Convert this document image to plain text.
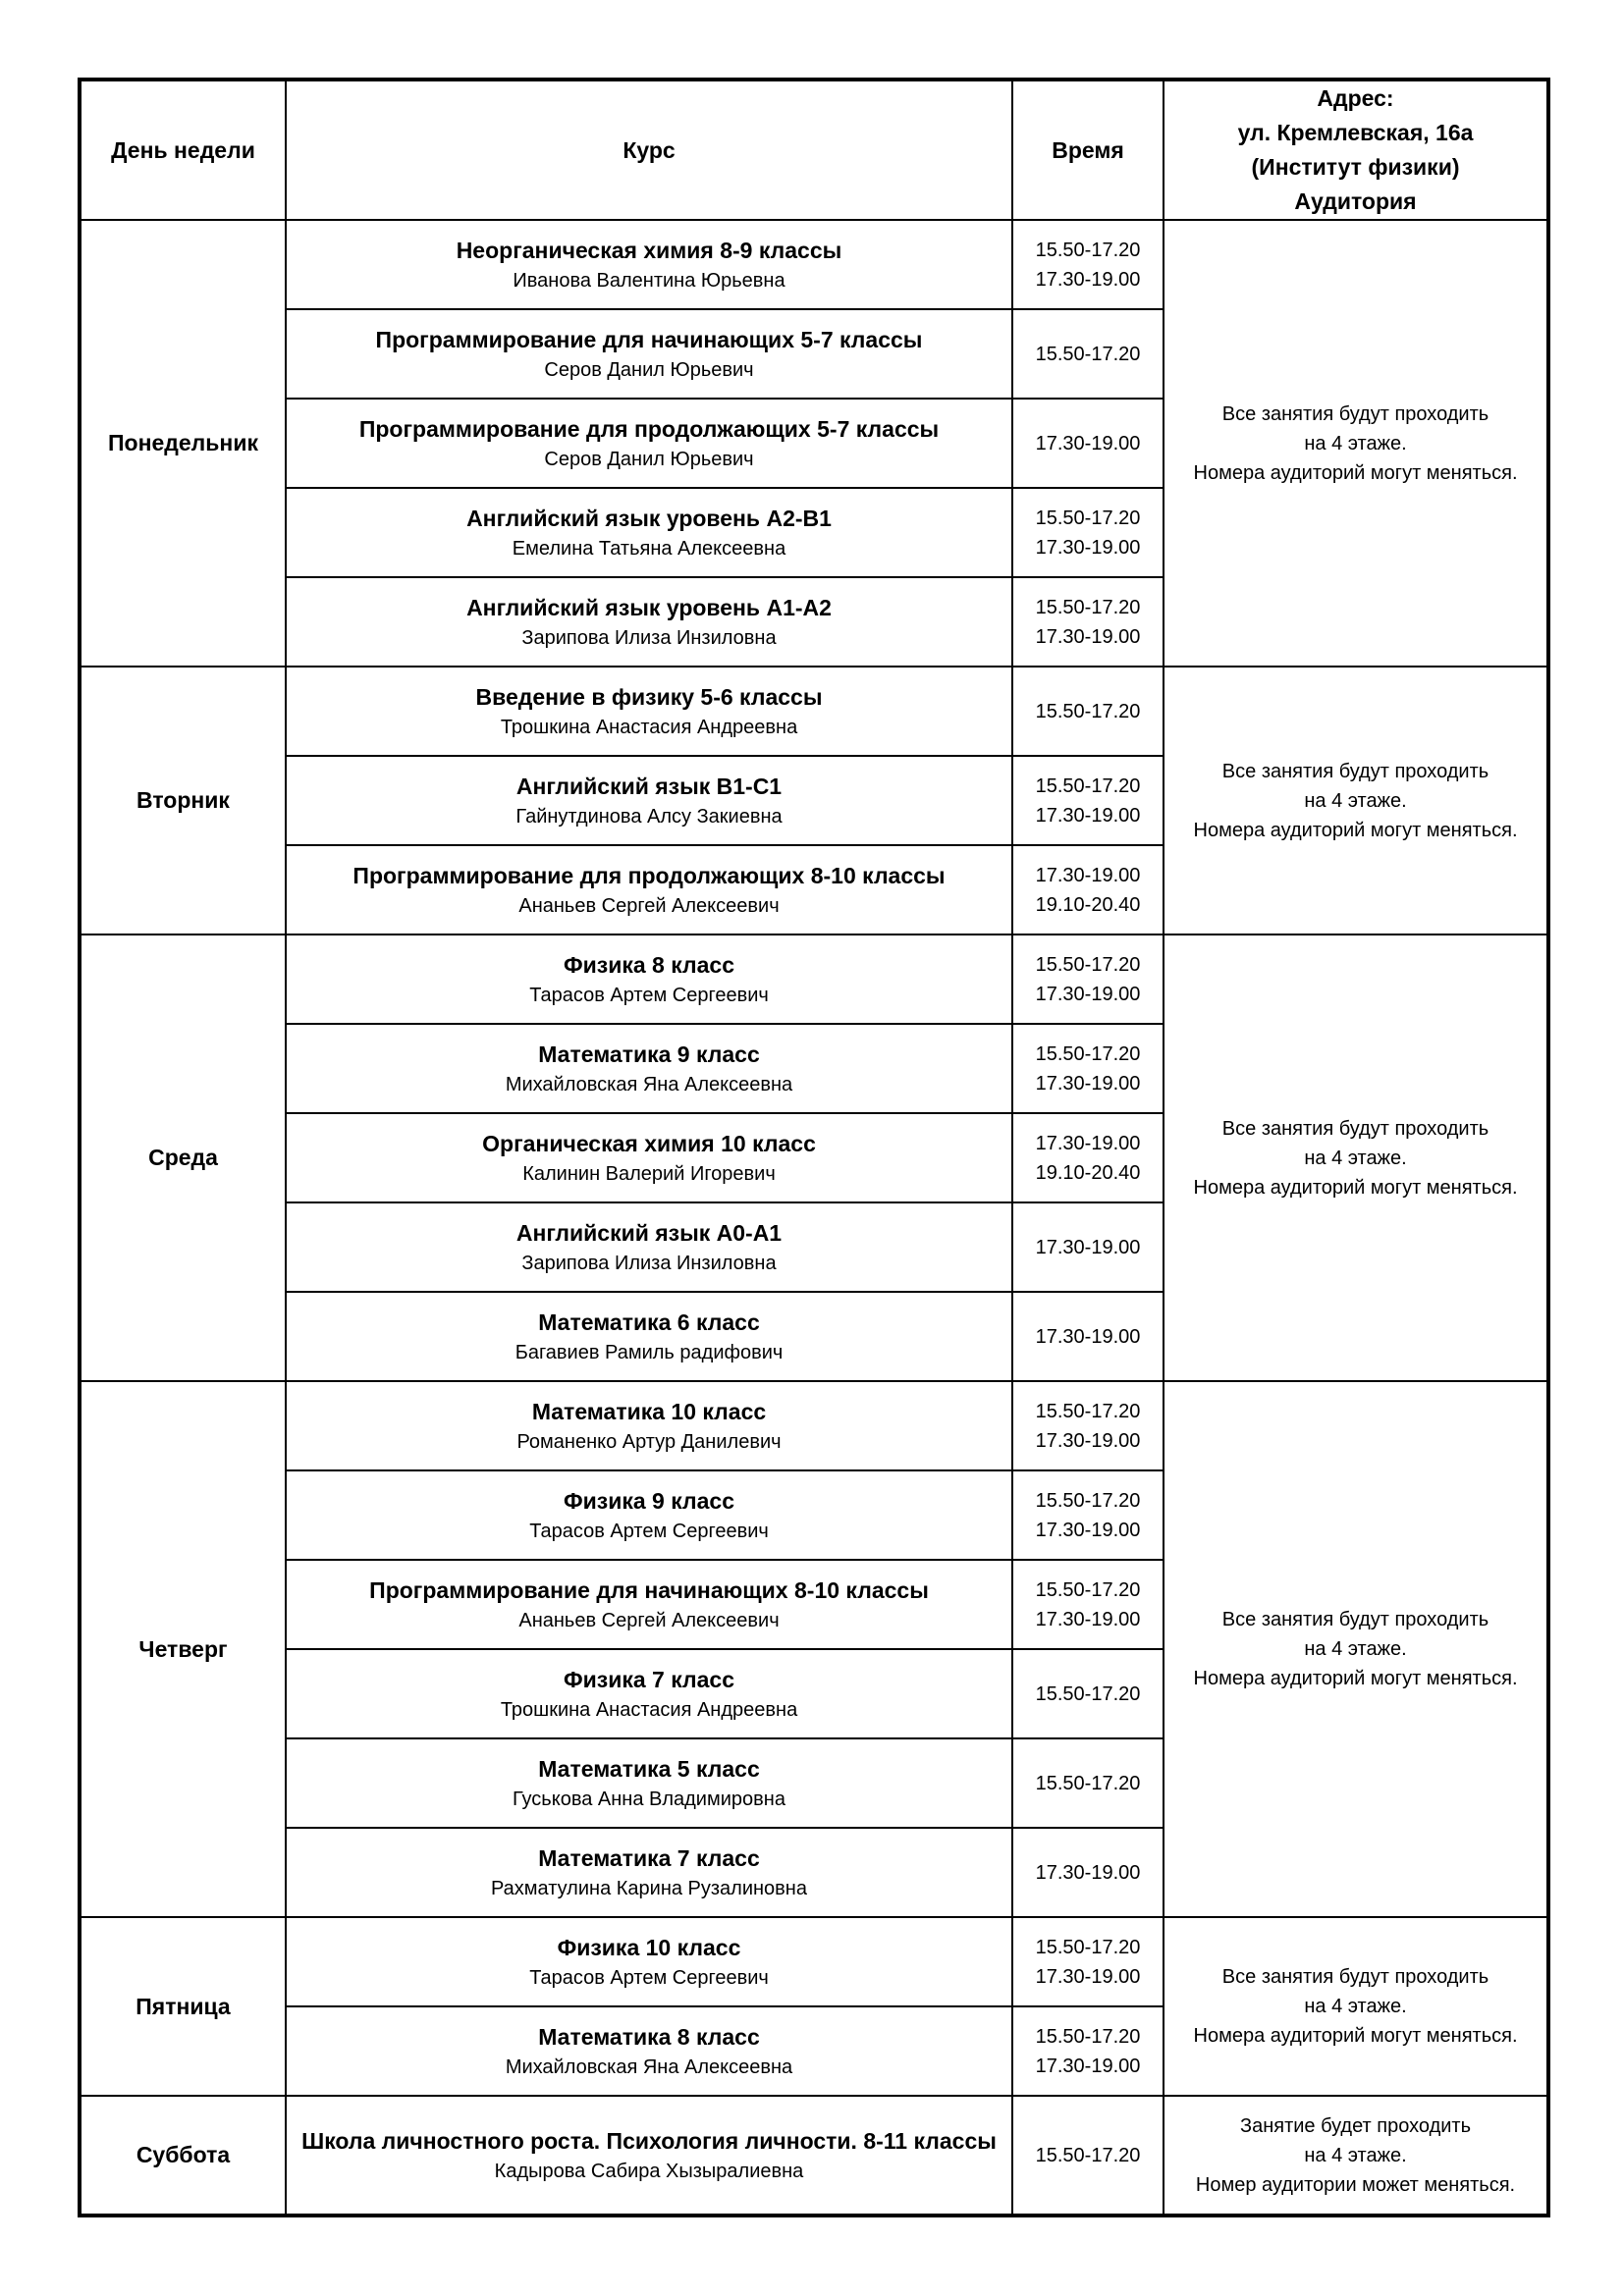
День недели	Курс	Время	Адрес:
ул. Кремлевская, 16а
(Институт физики)
Аудитория

Понедельник	Неорганическая химия 8-9 классы
Иванова Валентина Юрьевна	15.50-17.20
17.30-19.00	Все занятия будут проходить
на 4 этаже.
Номера аудиторий могут меняться.

	Программирование для начинающих 5-7 классы
Серов Данил Юрьевич	15.50-17.20	

	Программирование для продолжающих 5-7 классы
Серов Данил Юрьевич	17.30-19.00	

	Английский язык уровень А2-В1
Емелина Татьяна Алексеевна	15.50-17.20
17.30-19.00	

	Английский язык уровень А1-А2
Зарипова Илиза Инзиловна	15.50-17.20
17.30-19.00	

Вторник	Введение в физику 5-6 классы
Трошкина Анастасия Андреевна	15.50-17.20	Все занятия будут проходить
на 4 этаже.
Номера аудиторий могут меняться.

	Английский язык В1-С1
Гайнутдинова Алсу Закиевна	15.50-17.20
17.30-19.00	

	Программирование для продолжающих 8-10 классы
Ананьев Сергей Алексеевич	17.30-19.00
19.10-20.40	

Среда	Физика 8 класс
Тарасов Артем Сергеевич	15.50-17.20
17.30-19.00	Все занятия будут проходить
на 4 этаже.
Номера аудиторий могут меняться.

	Математика 9 класс
Михайловская Яна Алексеевна	15.50-17.20
17.30-19.00	

	Органическая химия 10 класс
Калинин Валерий Игоревич	17.30-19.00
19.10-20.40	

	Английский язык А0-А1
Зарипова Илиза Инзиловна	17.30-19.00	

	Математика 6 класс
Багавиев Рамиль радифович	17.30-19.00	

Четверг	Математика 10 класс
Романенко Артур Данилевич	15.50-17.20
17.30-19.00	Все занятия будут проходить
на 4 этаже.
Номера аудиторий могут меняться.

	Физика 9 класс
Тарасов Артем Сергеевич	15.50-17.20
17.30-19.00	

	Программирование для начинающих 8-10 классы
Ананьев Сергей Алексеевич	15.50-17.20
17.30-19.00	

	Физика 7 класс
Трошкина Анастасия Андреевна	15.50-17.20	

	Математика 5 класс
Гуськова Анна Владимировна	15.50-17.20	

	Математика 7 класс
Рахматулина Карина Рузалиновна	17.30-19.00	

Пятница	Физика 10 класс
Тарасов Артем Сергеевич	15.50-17.20
17.30-19.00	Все занятия будут проходить
на 4 этаже.
Номера аудиторий могут меняться.

	Математика 8 класс
Михайловская Яна Алексеевна	15.50-17.20
17.30-19.00	

Суббота	Школа личностного роста. Психология личности. 8-11 классы
Кадырова Сабира Хызыралиевна	15.50-17.20	Занятие будет проходить
на 4 этаже.
Номер аудитории может меняться.
